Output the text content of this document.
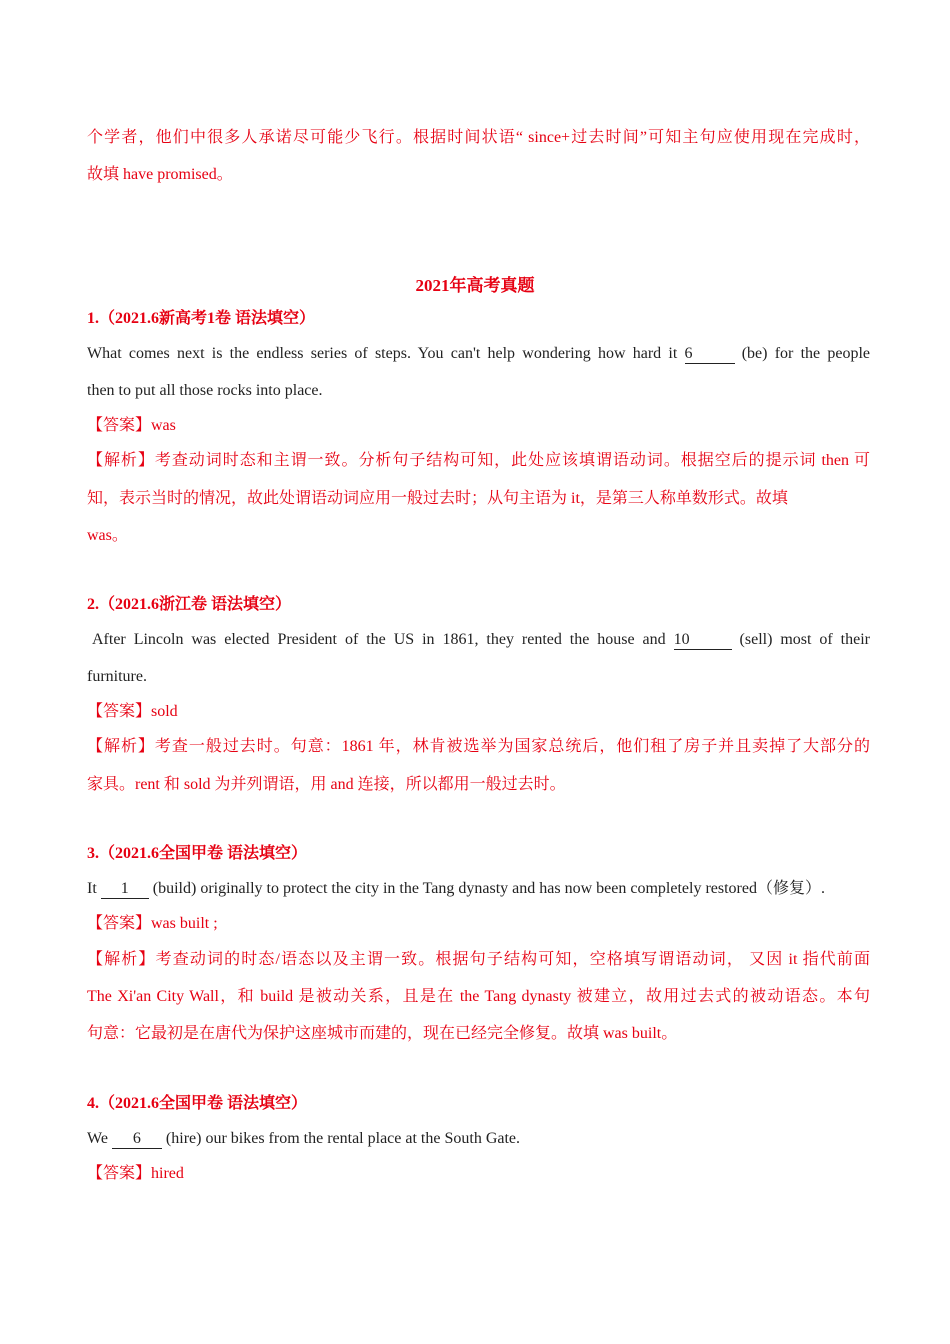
个学者，他们中很多人承诺尽可能少飞行。根据时间状语“ since+过去时间”可知主句应使用现在完成时，
故填 have promised。
2021年高考真题
1.（2021.6新高考1卷 语法填空）
What comes next is the endless series of steps. You can't help wondering how hard it 6	(be) for the people
then to put all those rocks into place.
【答案】was
【解析】考查动词时态和主谓一致。分析句子结构可知，此处应该填谓语动词。根据空后的提示词 then 可
知，表示当时的情况，故此处谓语动词应用一般过去时；从句主语为 it，是第三人称单数形式。故填
was。
2.（2021.6浙江卷 语法填空）
After Lincoln was elected President of the US in 1861, they rented the house and 10	(sell) most of their
furniture.
【答案】sold
【解析】考查一般过去时。句意：1861 年，林肯被选举为国家总统后，他们租了房子并且卖掉了大部分的
家具。rent 和 sold 为并列谓语，用 and 连接，所以都用一般过去时。
3.（2021.6全国甲卷 语法填空）
It 1 (build) originally to protect the city in the Tang dynasty and has now been completely restored（修复）.
【答案】was built ;
【解析】考查动词的时态/语态以及主谓一致。根据句子结构可知，空格填写谓语动词， 又因 it 指代前面
The Xi'an City Wall，和 build 是被动关系，且是在 the Tang dynasty 被建立，故用过去式的被动语态。本句
句意：它最初是在唐代为保护这座城市而建的，现在已经完全修复。故填 was built。
4.（2021.6全国甲卷 语法填空）
We 6 (hire) our bikes from the rental place at the South Gate.
【答案】hired
